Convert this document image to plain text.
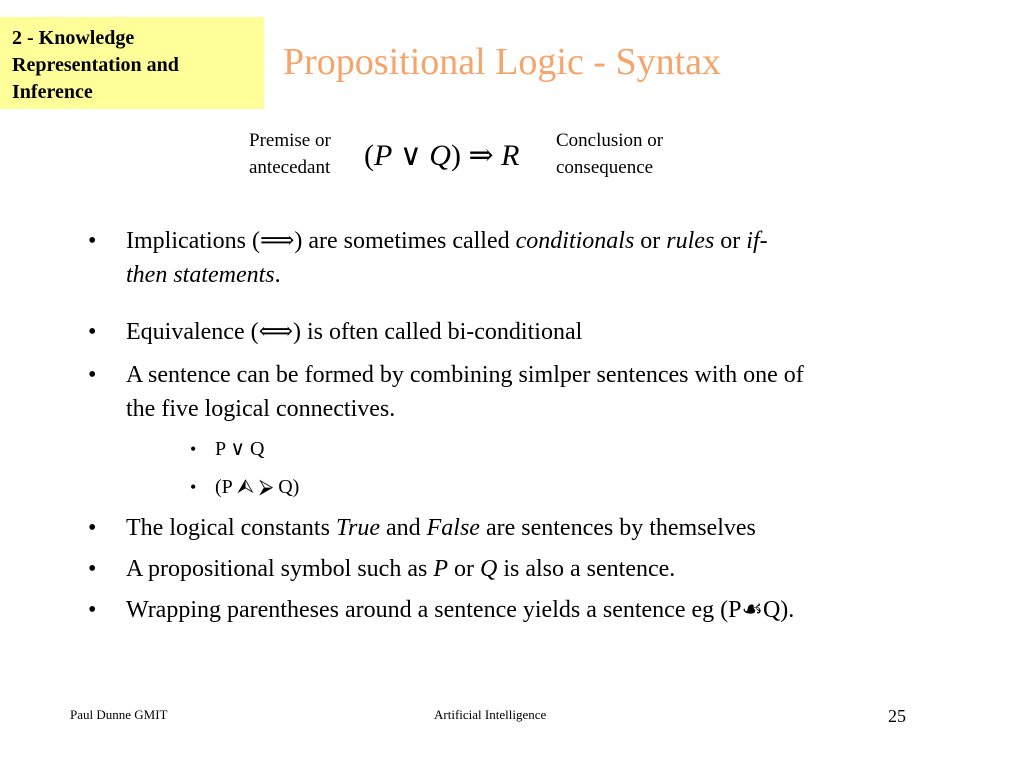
2 - Knowledge
Representation and
Inference
Propositional Logic - Syntax
Premise or
antecedant (P ∨ Q) ⇒ R Conclusion or
consequence
• Implications (⟹) are sometimes called conditionals or rules or if-
then statements.
• Equivalence (⟺) is often called bi-conditional
• A sentence can be formed by combining simlper sentences with one of
the five logical connectives.
• P ∨ Q
• (P ⮙ ⮚ Q)
• The logical constants True and False are sentences by themselves
• A propositional symbol such as P or Q is also a sentence.
• Wrapping parentheses around a sentence yields a sentence eg (P☙Q).
Paul Dunne GMIT	Artificial Intelligence	25
